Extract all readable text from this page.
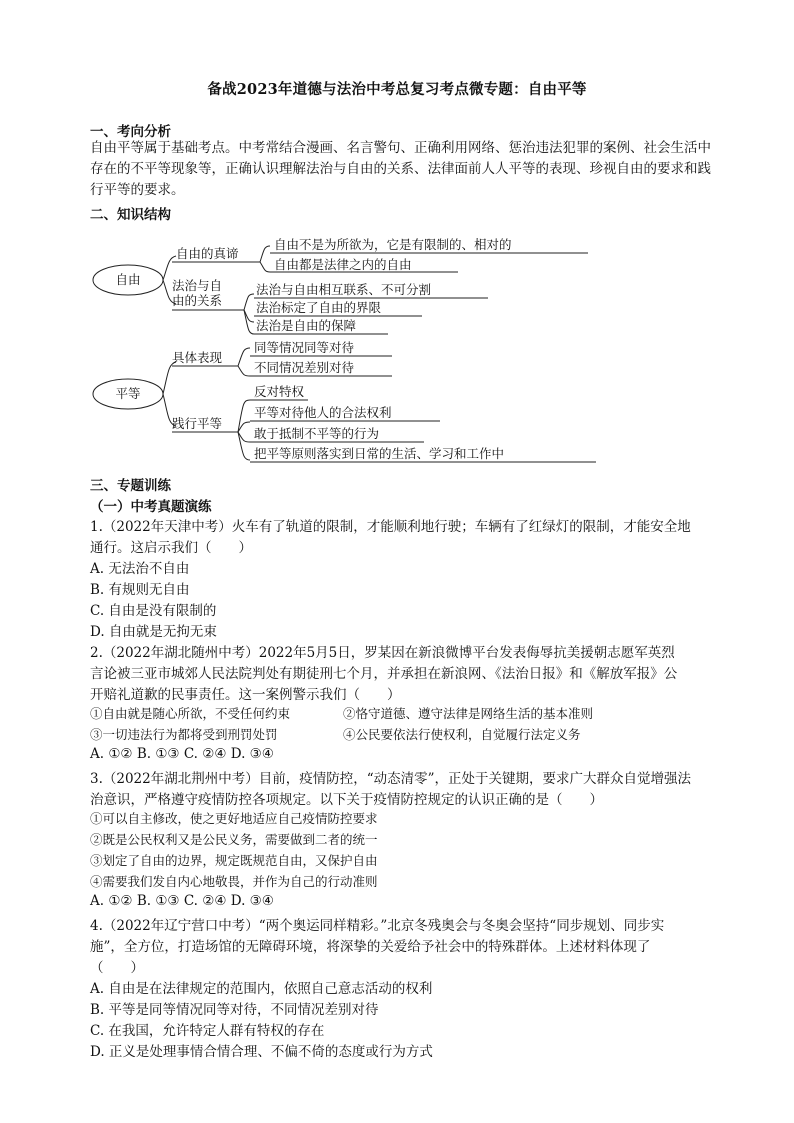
备战2023年道德与法治中考总复习考点微专题：自由平等
一、考向分析
自由平等属于基础考点。中考常结合漫画、名言警句、正确利用网络、惩治违法犯罪的案例、社会生活中存在的不平等现象等，正确认识理解法治与自由的关系、法律面前人人平等的表现、珍视自由的要求和践行平等的要求。
二、知识结构
自由
自由的真谛
法治与自
由的关系
自由不是为所欲为，它是有限制的、相对的
自由都是法律之内的自由
法治与自由相互联系、不可分割
法治标定了自由的界限
法治是自由的保障
平等
具体表现
践行平等
同等情况同等对待
不同情况差别对待
反对特权
平等对待他人的合法权利
敢于抵制不平等的行为
把平等原则落实到日常的生活、学习和工作中
三、专题训练
（一）中考真题演练
1.（2022年天津中考）火车有了轨道的限制，才能顺利地行驶；车辆有了红绿灯的限制，才能安全地
通行。这启示我们（　　）
A. 无法治不自由
B. 有规则无自由
C. 自由是没有限制的
D. 自由就是无拘无束
2.（2022年湖北随州中考）2022年5月5日，罗某因在新浪微博平台发表侮辱抗美援朝志愿军英烈
言论被三亚市城郊人民法院判处有期徒刑七个月，并承担在新浪网、《法治日报》和《解放军报》公
开赔礼道歉的民事责任。这一案例警示我们（　　）
①自由就是随心所欲，不受任何约束	②恪守道德、遵守法律是网络生活的基本准则
③一切违法行为都将受到刑罚处罚	④公民要依法行使权利，自觉履行法定义务
A. ①② B. ①③ C. ②④ D. ③④
3.（2022年湖北荆州中考）目前，疫情防控，“动态清零”，正处于关键期，要求广大群众自觉增强法
治意识，严格遵守疫情防控各项规定。以下关于疫情防控规定的认识正确的是（　　）
①可以自主修改，使之更好地适应自己疫情防控要求
②既是公民权利又是公民义务，需要做到二者的统一
③划定了自由的边界，规定既规范自由，又保护自由
④需要我们发自内心地敬畏，并作为自己的行动准则
A. ①② B. ①③ C. ②④ D. ③④
4.（2022年辽宁营口中考）“两个奥运同样精彩。”北京冬残奥会与冬奥会坚持“同步规划、同步实
施”，全方位，打造场馆的无障碍环境，将深挚的关爱给予社会中的特殊群体。上述材料体现了
（　　）
A. 自由是在法律规定的范围内，依照自己意志活动的权利
B. 平等是同等情况同等对待，不同情况差别对待
C. 在我国，允许特定人群有特权的存在
D. 正义是处理事情合情合理、不偏不倚的态度或行为方式
